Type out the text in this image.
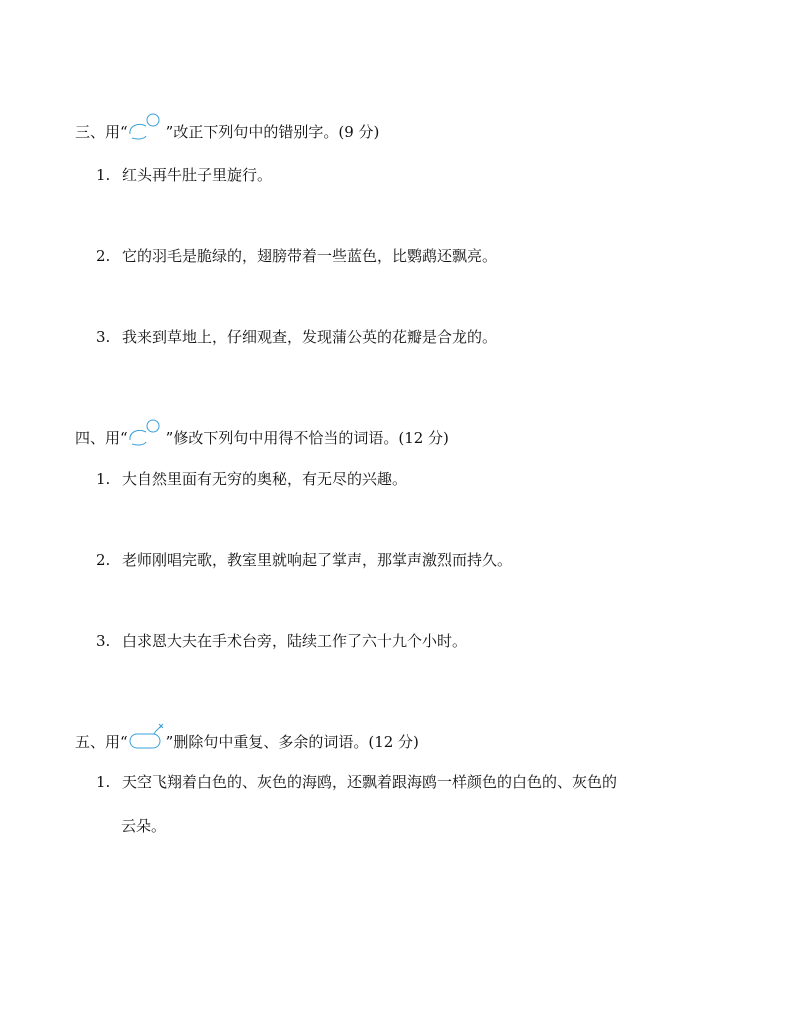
三、用“	”改正下列句中的错别字。(9 分)
1. 红头再牛肚子里旋行。
2. 它的羽毛是脆绿的，翅膀带着一些蓝色，比鹦鹉还飘亮。
3. 我来到草地上，仔细观查，发现蒲公英的花瓣是合龙的。
四、用“	”修改下列句中用得不恰当的词语。(12 分)
1. 大自然里面有无穷的奥秘，有无尽的兴趣。
2. 老师刚唱完歌，教室里就响起了掌声，那掌声激烈而持久。
3. 白求恩大夫在手术台旁，陆续工作了六十九个小时。
五、用“	”删除句中重复、多余的词语。(12 分)
1. 天空飞翔着白色的、灰色的海鸥，还飘着跟海鸥一样颜色的白色的、灰色的
云朵。
